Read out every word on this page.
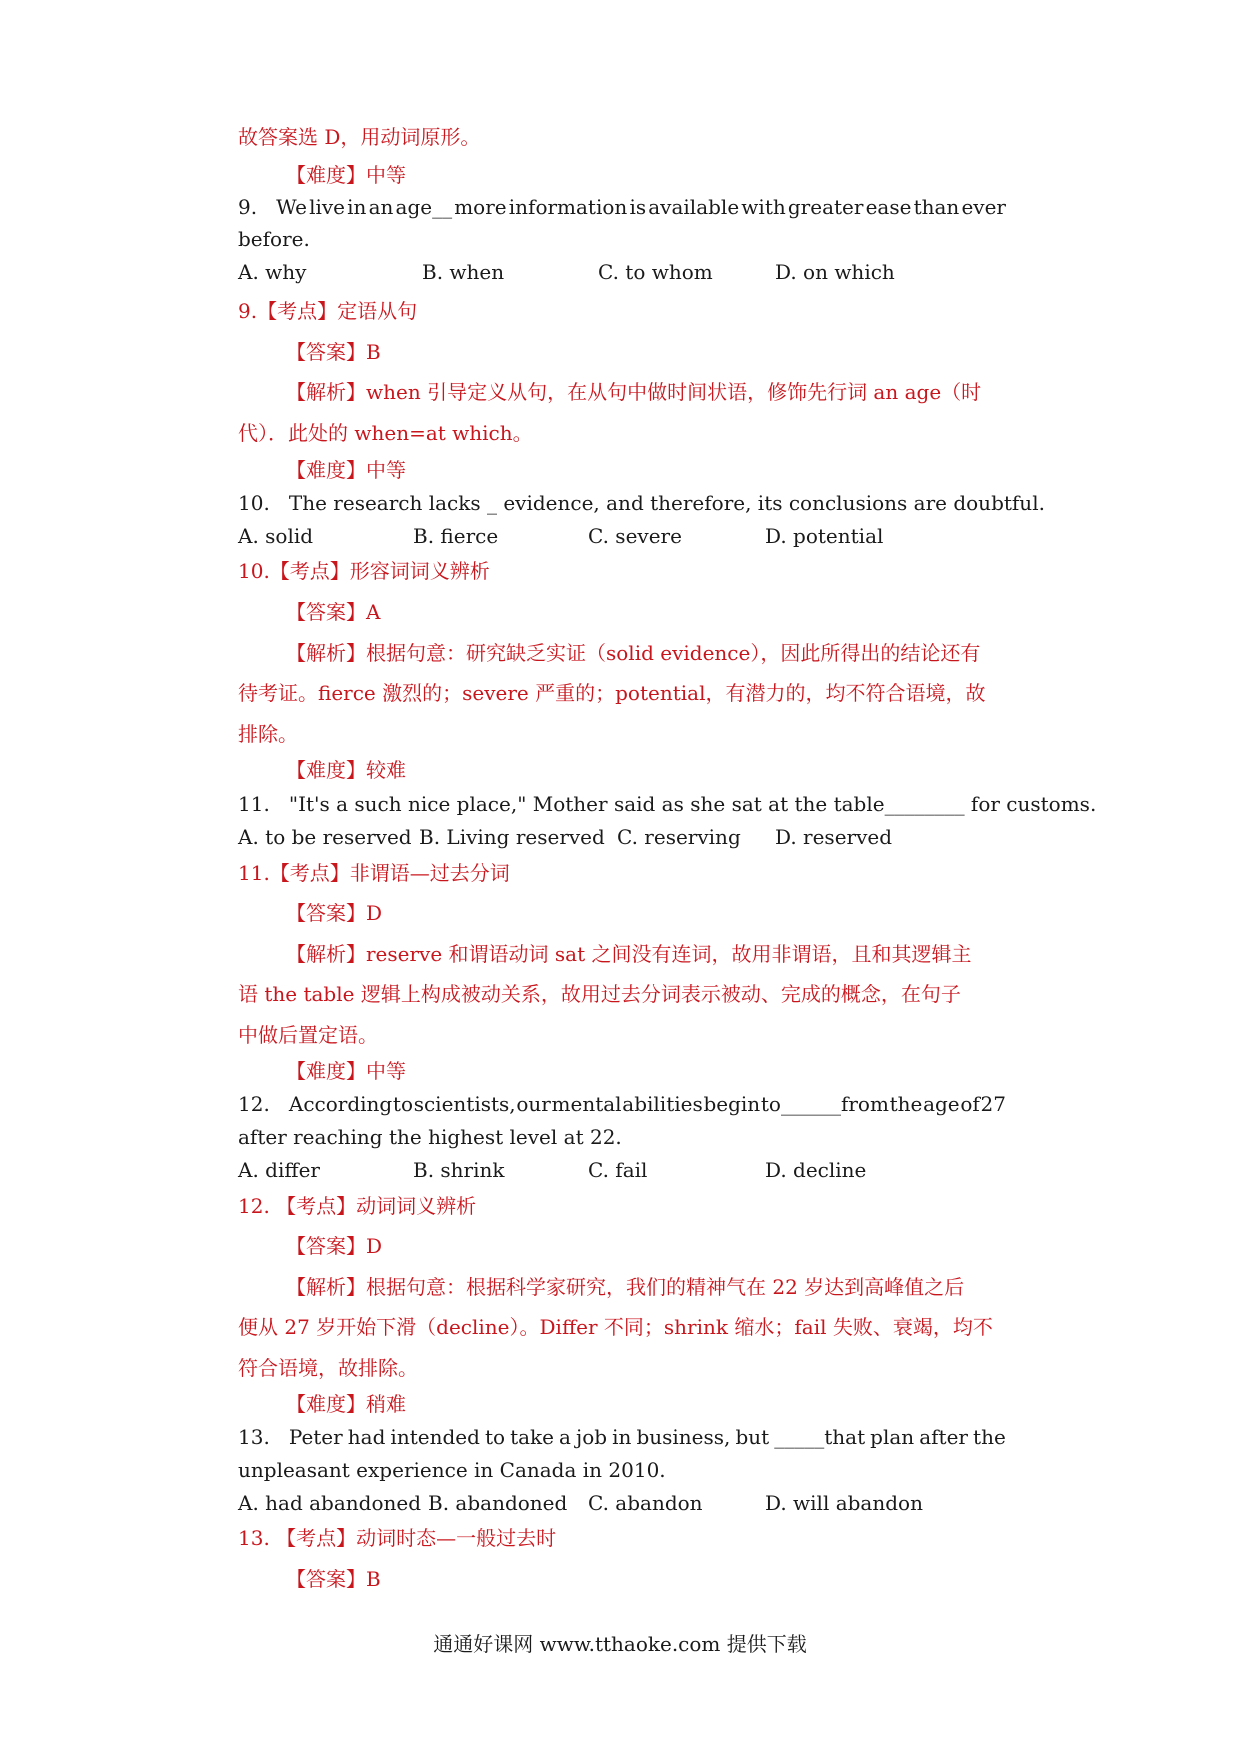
故答案选 D，用动词原形。
【难度】中等
9.   We live in an age__ more information is available with greater ease than ever
before.
A. why	B. when	C. to whom	D. on which
9.【考点】定语从句
【答案】B
【解析】when 引导定义从句，在从句中做时间状语，修饰先行词 an age（时
代）．此处的 when=at which。
【难度】中等
10.   The research lacks _ evidence, and therefore, its conclusions are doubtful.
A. solid	B. fierce	C. severe	D. potential
10.【考点】形容词词义辨析
【答案】A
【解析】根据句意：研究缺乏实证（solid evidence），因此所得出的结论还有
待考证。fierce 激烈的；severe 严重的；potential，有潜力的，均不符合语境，故
排除。
【难度】较难
11.   "It's a such nice place," Mother said as she sat at the table________ for customs.
A. to be reserved B. Living reserved C. reserving D. reserved
11.【考点】非谓语—过去分词
【答案】D
【解析】reserve 和谓语动词 sat 之间没有连词，故用非谓语，且和其逻辑主
语 the table 逻辑上构成被动关系，故用过去分词表示被动、完成的概念，在句子
中做后置定语。
【难度】中等
12.   According to scientists, our mental abilities begin to______from the age of 27
after reaching the highest level at 22.
A. differ	B. shrink	C. fail	D. decline
12. 【考点】动词词义辨析
【答案】D
【解析】根据句意：根据科学家研究，我们的精神气在 22 岁达到高峰值之后
便从 27 岁开始下滑（decline）。Differ 不同；shrink 缩水；fail 失败、衰竭，均不
符合语境，故排除。
【难度】稍难
13.   Peter had intended to take a job in business, but _____that plan after the
unpleasant experience in Canada in 2010.
A. had abandoned B. abandoned C. abandon	D. will abandon
13. 【考点】动词时态—一般过去时
【答案】B
通通好课网 www.tthaoke.com 提供下载
